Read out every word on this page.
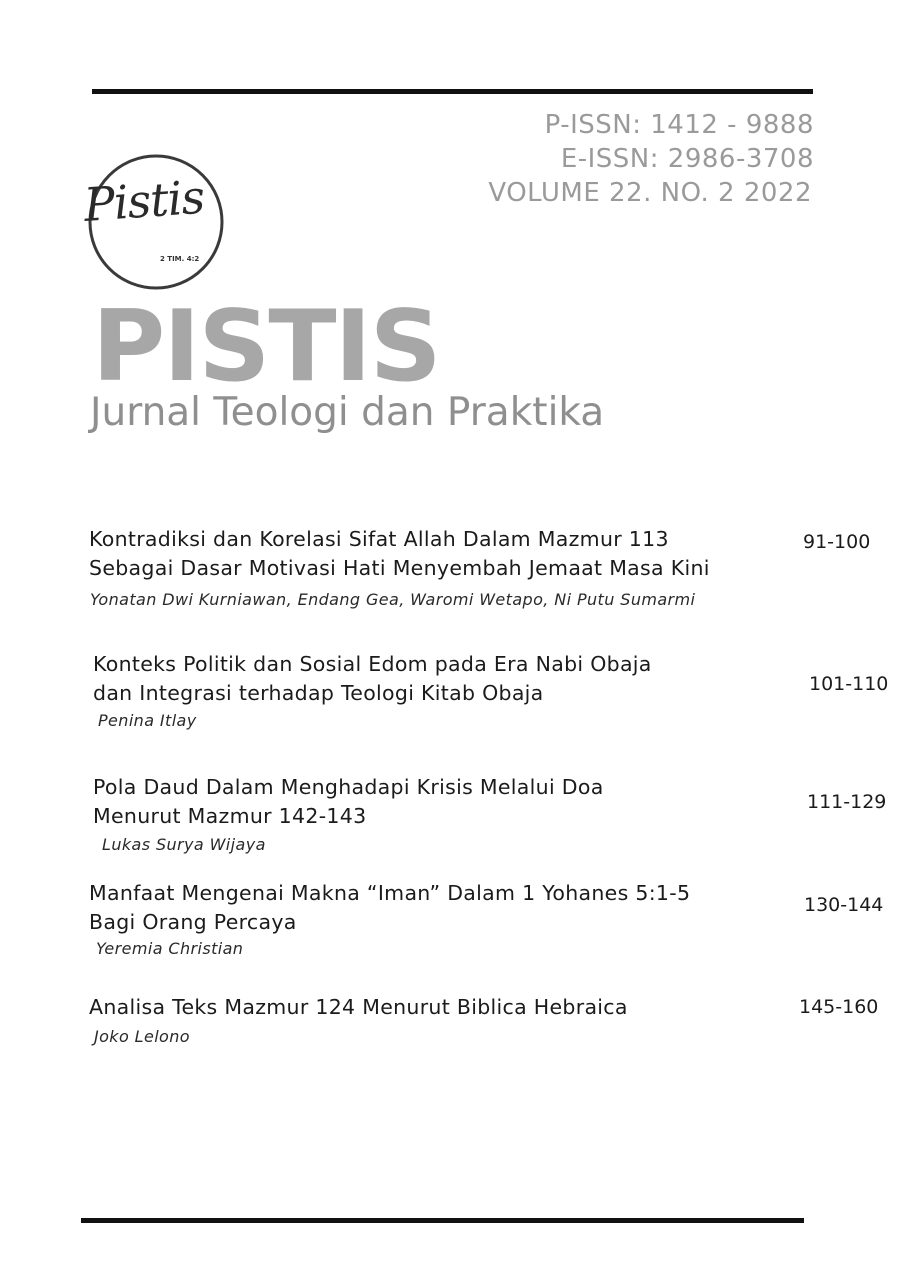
P-ISSN: 1412 - 9888
E-ISSN: 2986-3708
VOLUME 22. NO. 2 2022
Pistis
2 TIM. 4:2
PISTIS
Jurnal Teologi dan Praktika
Kontradiksi dan Korelasi Sifat Allah Dalam Mazmur 113
Sebagai Dasar Motivasi Hati Menyembah Jemaat Masa Kini
Yonatan Dwi Kurniawan, Endang Gea, Waromi Wetapo, Ni Putu Sumarmi
91-100
Konteks Politik dan Sosial Edom pada Era Nabi Obaja
dan Integrasi terhadap Teologi Kitab Obaja
Penina Itlay
101-110
Pola Daud Dalam Menghadapi Krisis Melalui Doa
Menurut Mazmur 142-143
Lukas Surya Wijaya
111-129
Manfaat Mengenai Makna “Iman” Dalam 1 Yohanes 5:1-5
Bagi Orang Percaya
Yeremia Christian
130-144
Analisa Teks Mazmur 124 Menurut Biblica Hebraica
Joko Lelono
145-160
